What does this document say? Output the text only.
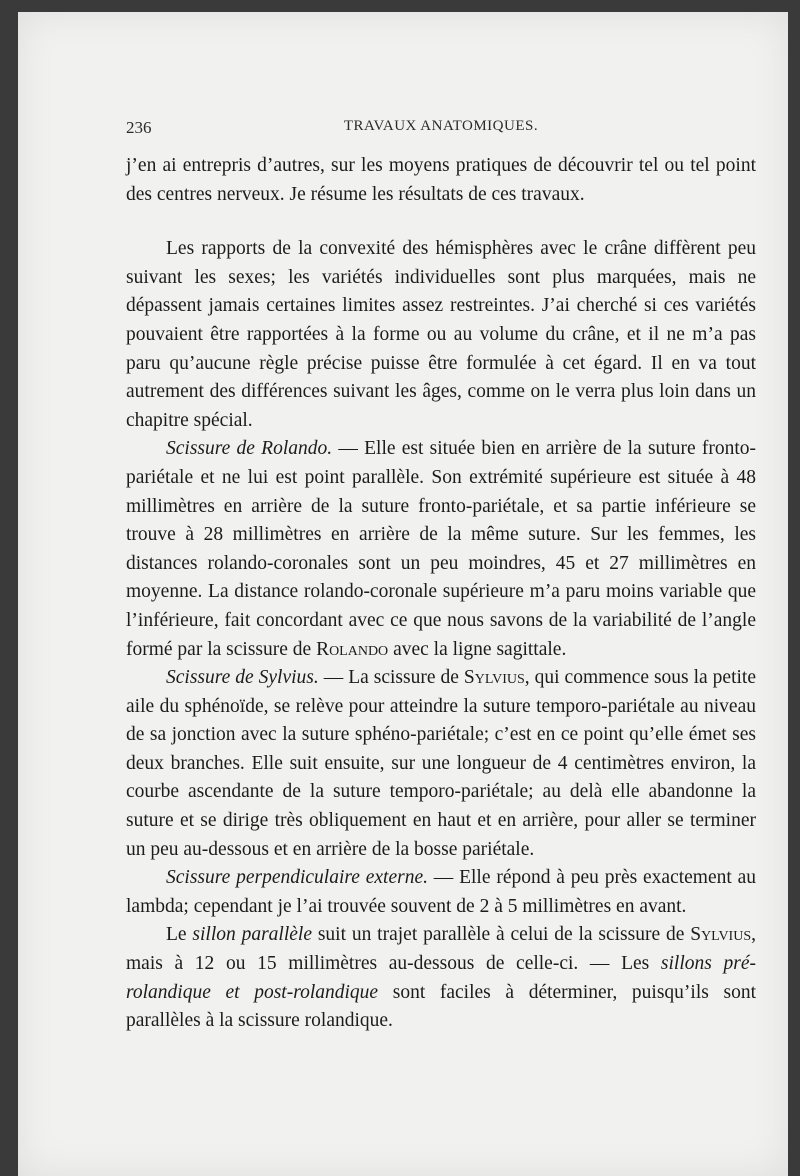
236	TRAVAUX ANATOMIQUES.

j’en ai entrepris d’autres, sur les moyens pratiques de découvrir tel ou tel point des centres nerveux. Je résume les résultats de ces travaux.

Les rapports de la convexité des hémisphères avec le crâne diffèrent peu suivant les sexes; les variétés individuelles sont plus marquées, mais ne dépassent jamais certaines limites assez restreintes. J’ai cherché si ces variétés pouvaient être rapportées à la forme ou au volume du crâne, et il ne m’a pas paru qu’aucune règle précise puisse être formulée à cet égard. Il en va tout autrement des différences suivant les âges, comme on le verra plus loin dans un chapitre spécial.

Scissure de Rolando. — Elle est située bien en arrière de la suture fronto-pariétale et ne lui est point parallèle. Son extrémité supérieure est située à 48 millimètres en arrière de la suture fronto-pariétale, et sa partie inférieure se trouve à 28 millimètres en arrière de la même suture. Sur les femmes, les distances rolando-coronales sont un peu moindres, 45 et 27 millimètres en moyenne. La distance rolando-coronale supérieure m’a paru moins variable que l’inférieure, fait concordant avec ce que nous savons de la variabilité de l’angle formé par la scissure de Rolando avec la ligne sagittale.

Scissure de Sylvius. — La scissure de Sylvius, qui commence sous la petite aile du sphénoïde, se relève pour atteindre la suture temporo-pariétale au niveau de sa jonction avec la suture sphéno-pariétale; c’est en ce point qu’elle émet ses deux branches. Elle suit ensuite, sur une longueur de 4 centimètres environ, la courbe ascendante de la suture temporo-pariétale; au delà elle abandonne la suture et se dirige très obliquement en haut et en arrière, pour aller se terminer un peu au-dessous et en arrière de la bosse pariétale.

Scissure perpendiculaire externe. — Elle répond à peu près exactement au lambda; cependant je l’ai trouvée souvent de 2 à 5 millimètres en avant.

Le sillon parallèle suit un trajet parallèle à celui de la scissure de Sylvius, mais à 12 ou 15 millimètres au-dessous de celle-ci. — Les sillons pré-rolandique et post-rolandique sont faciles à déterminer, puisqu’ils sont parallèles à la scissure rolandique.
